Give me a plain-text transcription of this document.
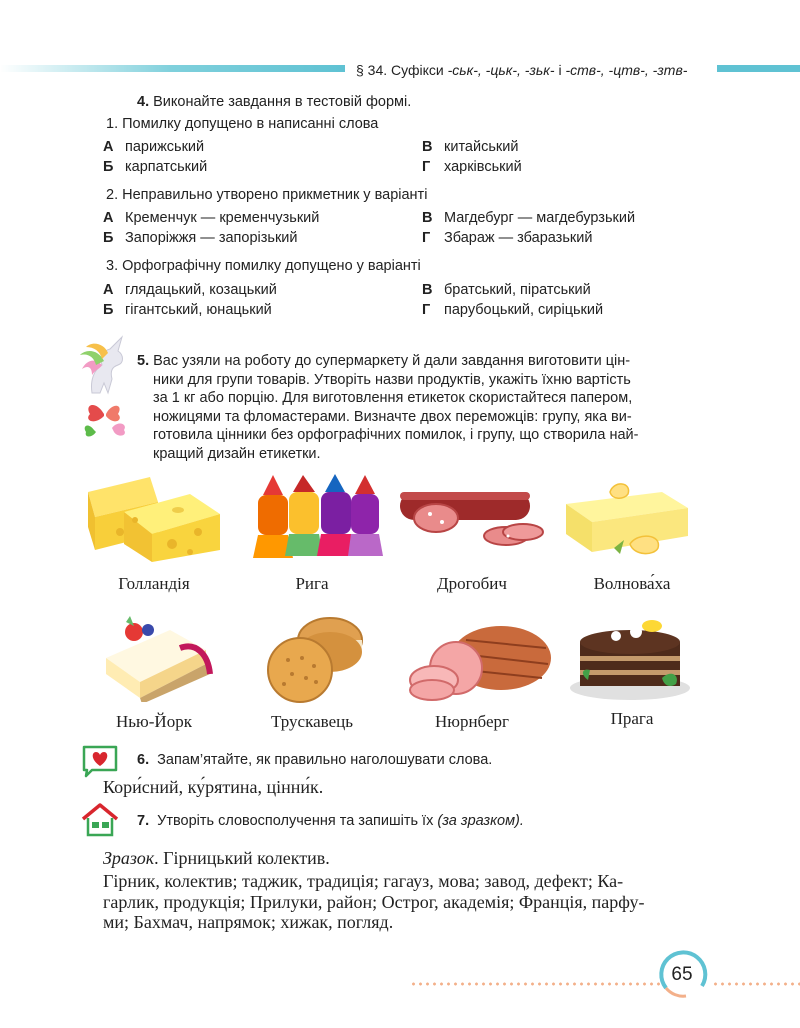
§ 34. Суфікси -ськ-, -цьк-, -зьк- і -ств-, -цтв-, -зтв-
4. Виконайте завдання в тестовій формі.
1. Помилку допущено в написанні слова
А парижський
Б карпатський
В китайський
Г харківський
2. Неправильно утворено прикметник у варіанті
А Кременчук — кременчузький
Б Запоріжжя — запорізький
В Магдебург — магдебурзький
Г Збараж — збаразький
3. Орфографічну помилку допущено у варіанті
А глядацький, козацький
Б гігантський, юнацький
В братський, піратський
Г парубоцький, сиріцький
5. Вас узяли на роботу до супермаркету й дали завдання виготовити цін-
ники для групи товарів. Утворіть назви продуктів, укажіть їхню вартість
за 1 кг або порцію. Для виготовлення етикеток скористайтеся папером,
ножицями та фломастерами. Визначте двох переможців: групу, яка ви-
готовила цінники без орфографічних помилок, і групу, що створила най-
кращий дизайн етикетки.
Голландія	Рига	Дрогобич	Волнова́ха
Нью-Йорк	Трускавець	Нюрнберг	Прага
6. Запам’ятайте, як правильно наголошувати слова.
Кори́сний, ку́рятина, цінни́к.
7. Утворіть словосполучення та запишіть їх (за зразком).
Зразок. Гірницький колектив.
Гірник, колектив; таджик, традиція; гагауз, мова; завод, дефект; Ка-
гарлик, продукція; Прилуки, район; Острог, академія; Франція, парфу-
ми; Бахмач, напрямок; хижак, погляд.
65
